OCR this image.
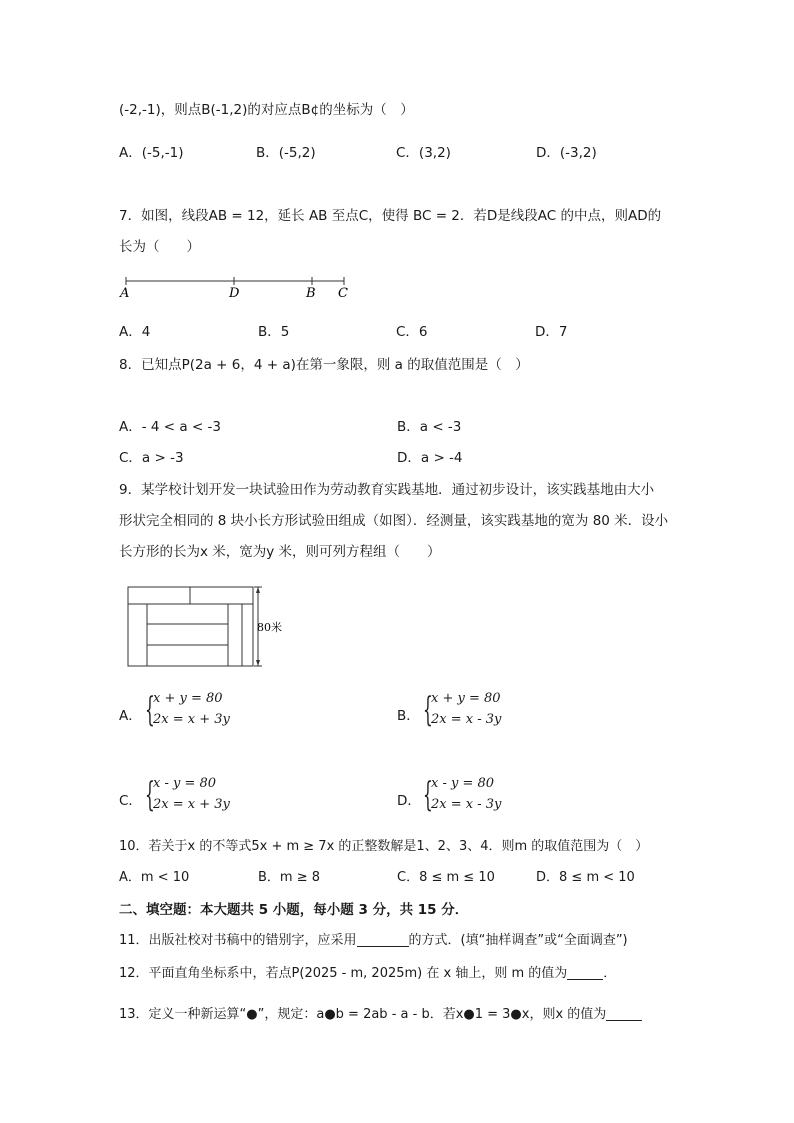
(-2,-1)，则点B(-1,2)的对应点B¢的坐标为（　）
A．(-5,-1)	B．(-5,2)	C．(3,2)	D．(-3,2)
7．如图，线段AB = 12，延长 AB 至点C，使得 BC = 2．若D是线段AC 的中点，则AD的
长为（　　）
A	D	B C
A．4	B．5	C．6	D．7
8．已知点P(2a + 6，4 + a)在第一象限，则 a 的取值范围是（　）
A．- 4 < a < -3	B．a < -3
C．a > -3	D．a > -4
9．某学校计划开发一块试验田作为劳动教育实践基地．通过初步设计，该实践基地由大小
形状完全相同的 8 块小长方形试验田组成（如图）．经测量，该实践基地的宽为 80 米．设小
长方形的长为x 米，宽为y 米，则可列方程组（　　）
80米
A． {
x + y = 80
2x = x + 3y	B． {
x + y = 80
2x = x - 3y
C． {
x - y = 80
2x = x + 3y	D． {
x - y = 80
2x = x - 3y
10．若关于x 的不等式5x + m ≥ 7x 的正整数解是1、2、3、4．则m 的取值范围为（　）
A．m < 10	B．m ≥ 8	C．8 ≤ m ≤ 10	D．8 ≤ m < 10
二、填空题：本大题共 5 小题，每小题 3 分，共 15 分．
11．出版社校对书稿中的错别字，应采用	的方式．(填“抽样调查”或“全面调查”)
12．平面直角坐标系中，若点P(2025 - m, 2025m) 在 x 轴上，则 m 的值为	．
13．定义一种新运算“●”，规定：a●b = 2ab - a - b．若x●1 = 3●x，则x 的值为
